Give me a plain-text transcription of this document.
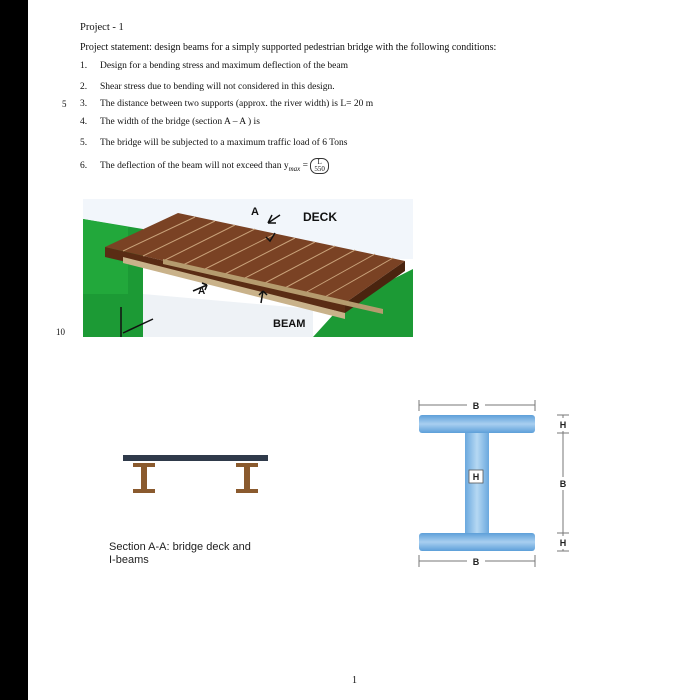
Project - 1
Project statement: design beams for a simply supported pedestrian bridge with the following conditions:
1. Design for a bending stress and maximum deflection of the beam
2. Shear stress due to bending will not considered in this design.
3. The distance between two supports (approx. the river width) is L= 20 m
4. The width of the bridge (section A – A ) is
5. The bridge will be subjected to a maximum traffic load of 6 Tons
6. The deflection of the beam will not exceed than $y_{max}$ =	L
550
5
10
A	DECK
A
BEAM
Section A-A: bridge deck and
I-beams
B
H
H
B
H
B
1
